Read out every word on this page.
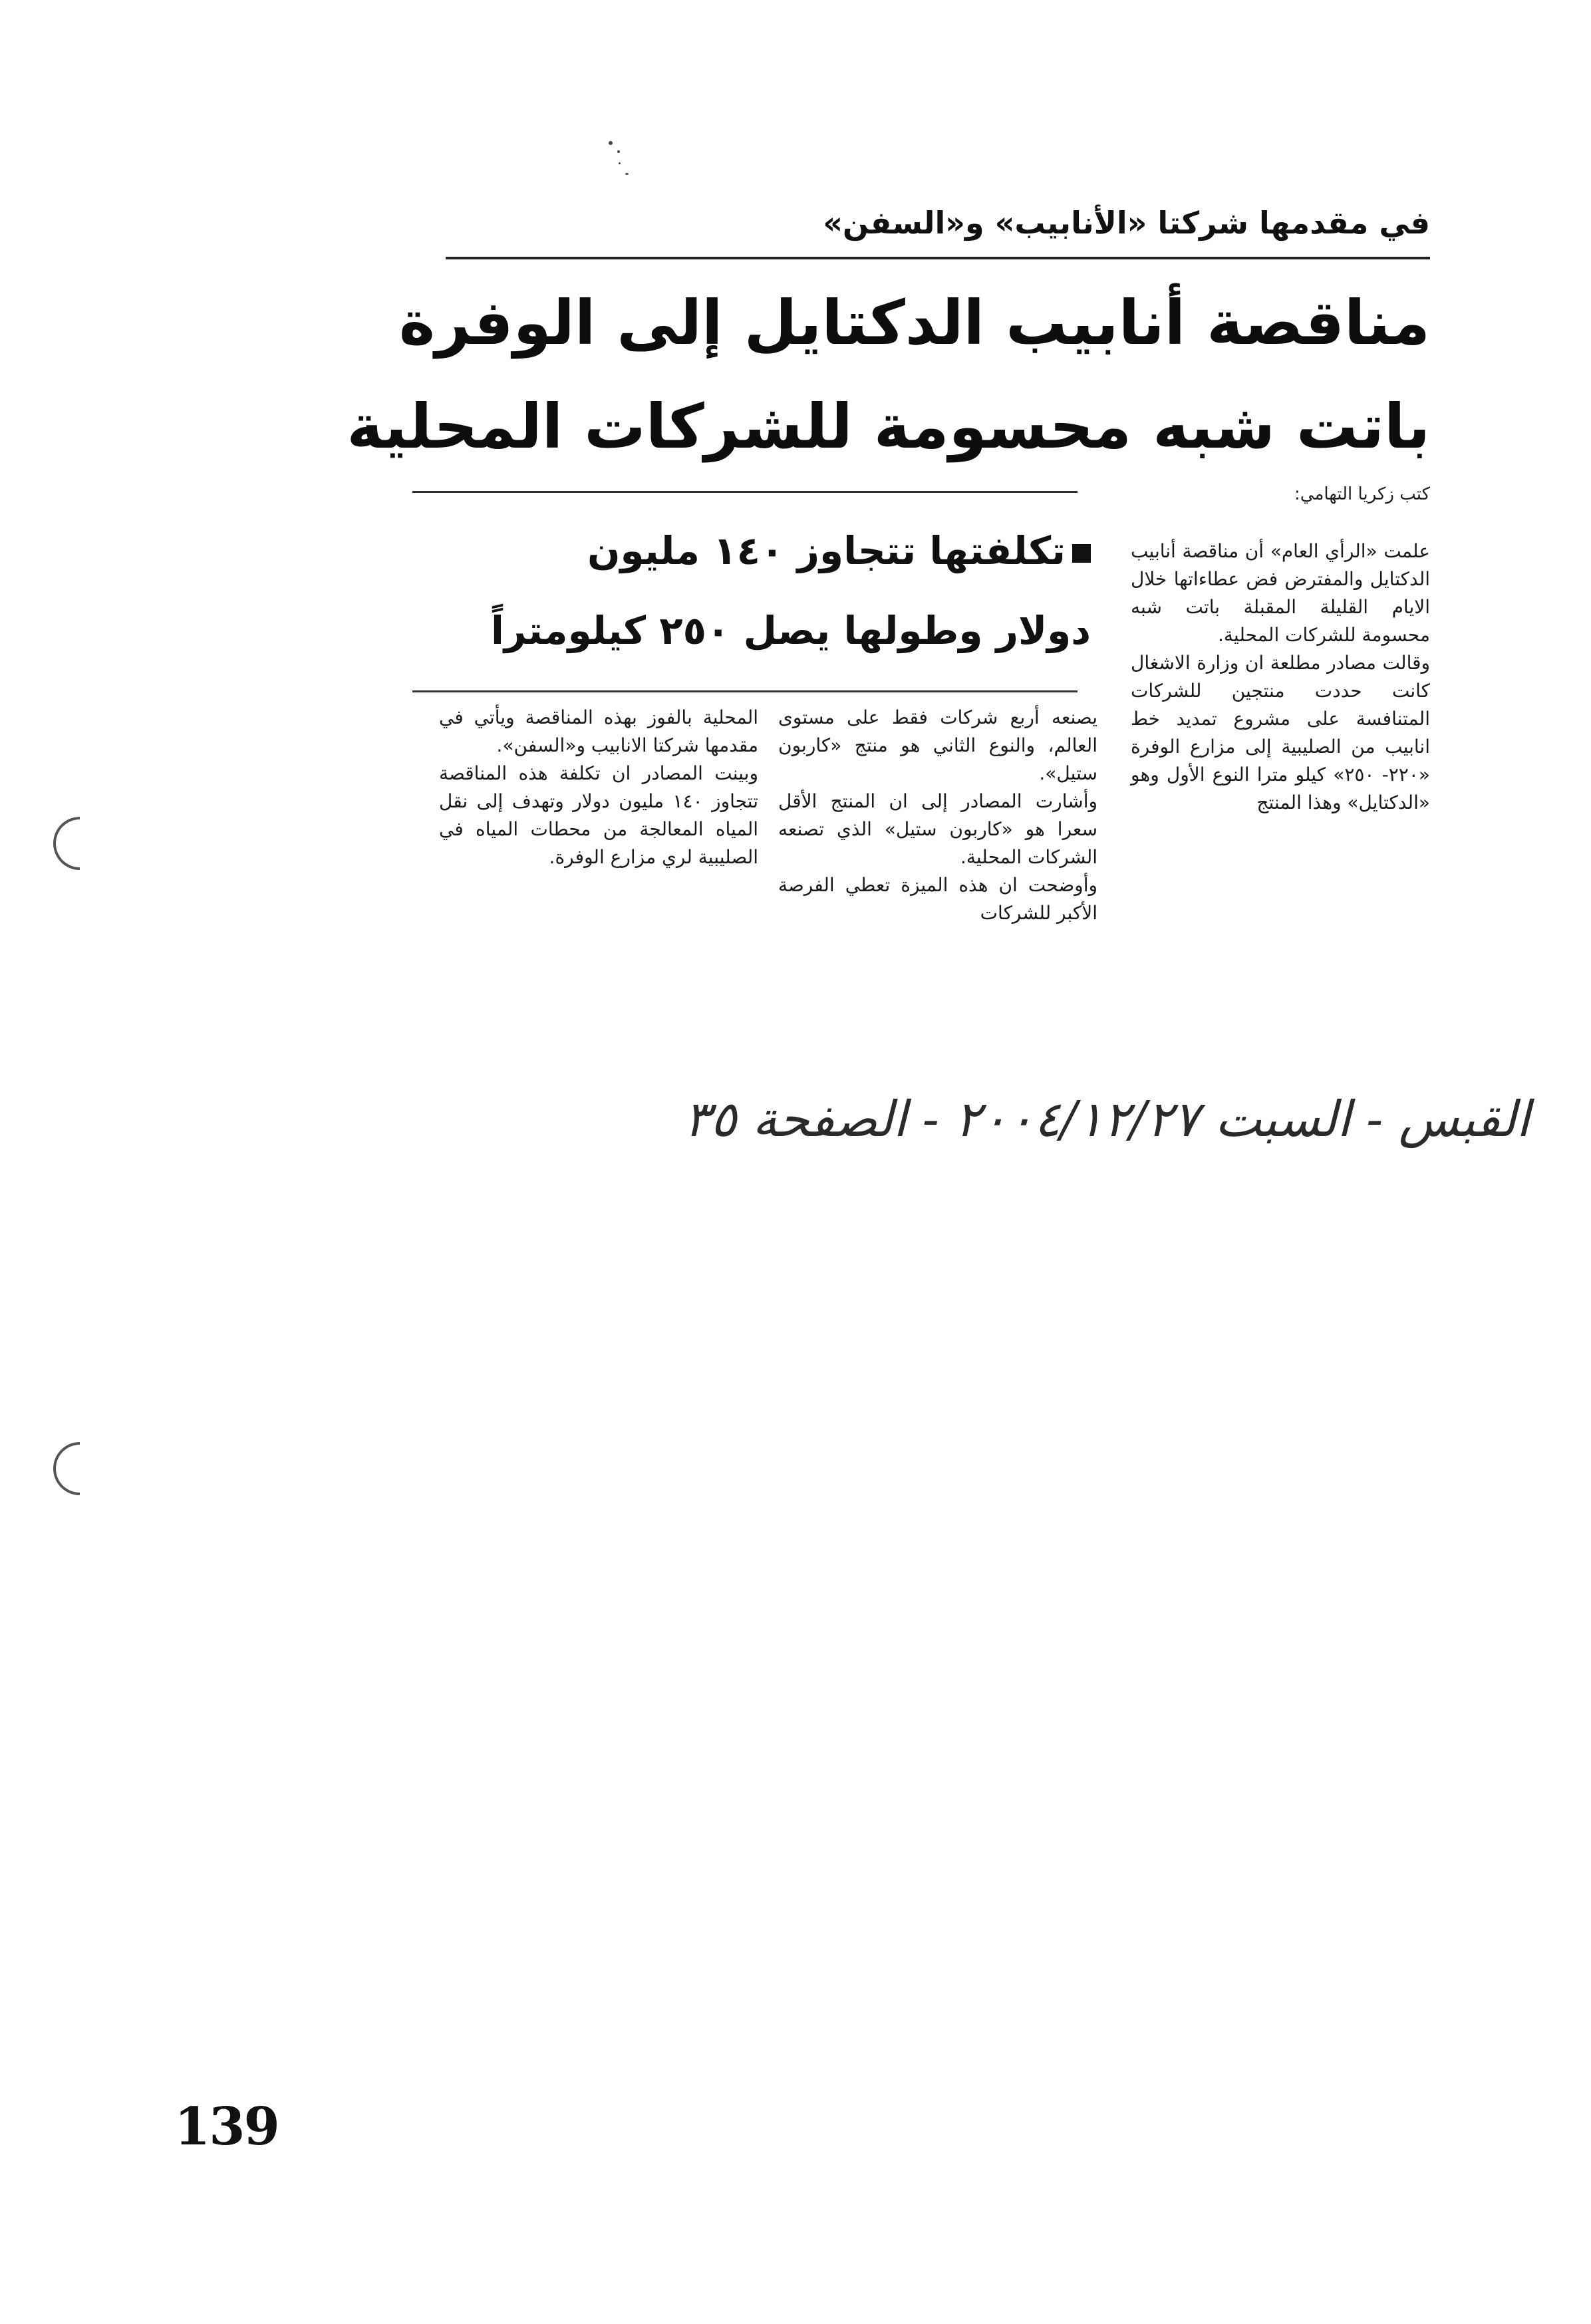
في مقدمها شركتا «الأنابيب» و«السفن»
مناقصة أنابيب الدكتايل إلى الوفرة
باتت شبه محسومة للشركات المحلية
كتب زكريا التهامي:
تكلفتها تتجاوز ١٤٠ مليون
دولار وطولها يصل ٢٥٠ كيلومتراً

علمت «الرأي العام» أن مناقصة أنابيب الدكتايل والمفترض فض عطاءاتها خلال الايام القليلة المقبلة باتت شبه محسومة للشركات المحلية.

وقالت مصادر مطلعة ان وزارة الاشغال كانت حددت منتجين للشركات المتنافسة على مشروع تمديد خط انابيب من الصليبية إلى مزارع الوفرة «٢٢٠- ٢٥٠» كيلو مترا النوع الأول وهو «الدكتايل» وهذا المنتج

يصنعه أربع شركات فقط على مستوى العالم، والنوع الثاني هو منتج «كاربون ستيل».

وأشارت المصادر إلى ان المنتج الأقل سعرا هو «كاربون ستيل» الذي تصنعه الشركات المحلية.

وأوضحت ان هذه الميزة تعطي الفرصة الأكبر للشركات

المحلية بالفوز بهذه المناقصة ويأتي في مقدمها شركتا الانابيب و«السفن».

وبينت المصادر ان تكلفة هذه المناقصة تتجاوز ١٤٠ مليون دولار وتهدف إلى نقل المياه المعالجة من محطات المياه في الصليبية لري مزارع الوفرة.

القبس - السبت ٢٠٠٤/١٢/٢٧ - الصفحة ٣٥
139
